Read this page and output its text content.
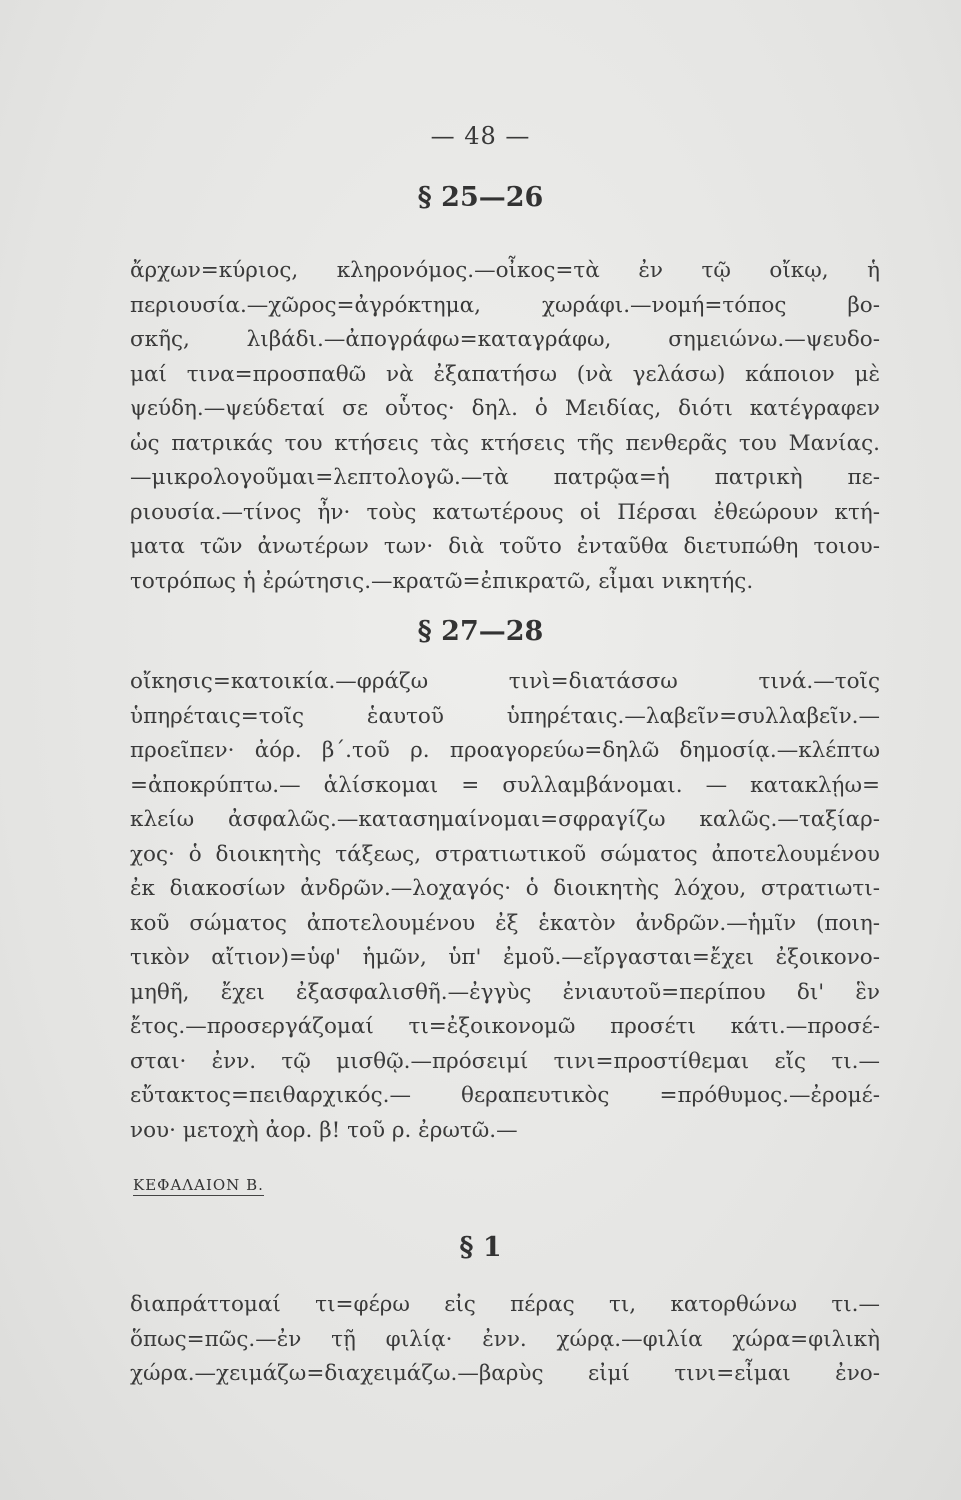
— 48 —
§ 25—26
ἄρχων=κύριος, κληρονόμος.—οἶκος=τὰ ἐν τῷ οἴκῳ, ἡ
περιουσία.—χῶρος=ἀγρόκτημα, χωράφι.—νομή=τόπος βο-
σκῆς, λιβάδι.—ἀπογράφω=καταγράφω, σημειώνω.—ψευδο-
μαί τινα=προσπαθῶ νὰ ἐξαπατήσω (νὰ γελάσω) κάποιον μὲ
ψεύδη.—ψεύδεταί σε οὗτος· δηλ. ὁ Μειδίας, διότι κατέγραφεν
ὡς πατρικάς του κτήσεις τὰς κτήσεις τῆς πενθερᾶς του Μανίας.
—μικρολογοῦμαι=λεπτολογῶ.—τὰ πατρῷα=ἡ πατρικὴ πε-
ριουσία.—τίνος ἦν· τοὺς κατωτέρους οἱ Πέρσαι ἐθεώρουν κτή-
ματα τῶν ἀνωτέρων των· διὰ τοῦτο ἐνταῦθα διετυπώθη τοιου-
τοτρόπως ἡ ἐρώτησις.—κρατῶ=ἐπικρατῶ, εἶμαι νικητής.
§ 27—28
οἴκησις=κατοικία.—φράζω τινὶ=διατάσσω τινά.—τοῖς
ὑπηρέταις=τοῖς ἑαυτοῦ ὑπηρέταις.—λαβεῖν=συλλαβεῖν.—
προεῖπεν· ἀόρ. β΄.τοῦ ρ. προαγορεύω=δηλῶ δημοσίᾳ.—κλέπτω
=ἀποκρύπτω.— ἁλίσκομαι = συλλαμβάνομαι. — κατακλῄω=
κλείω ἀσφαλῶς.—κατασημαίνομαι=σφραγίζω καλῶς.—ταξίαρ-
χος· ὁ διοικητὴς τάξεως, στρατιωτικοῦ σώματος ἀποτελουμένου
ἐκ διακοσίων ἀνδρῶν.—λοχαγός· ὁ διοικητὴς λόχου, στρατιωτι-
κοῦ σώματος ἀποτελουμένου ἐξ ἑκατὸν ἀνδρῶν.—ἡμῖν (ποιη-
τικὸν αἴτιον)=ὑφ' ἡμῶν, ὑπ' ἐμοῦ.—εἴργασται=ἔχει ἐξοικονο-
μηθῆ, ἔχει ἐξασφαλισθῆ.—ἐγγὺς ἐνιαυτοῦ=περίπου δι' ἓν
ἔτος.—προσεργάζομαί τι=ἐξοικονομῶ προσέτι κάτι.—προσέ-
σται· ἐνν. τῷ μισθῷ.—πρόσειμί τινι=προστίθεμαι εἴς τι.—
εὔτακτος=πειθαρχικός.— θεραπευτικὸς =πρόθυμος.—ἐρομέ-
νου· μετοχὴ ἀορ. β! τοῦ ρ. ἐρωτῶ.—
ΚΕΦΑΛΑΙΟΝ Β.
§ 1
διαπράττομαί τι=φέρω εἰς πέρας τι, κατορθώνω τι.—
ὅπως=πῶς.—ἐν τῇ φιλίᾳ· ἐνν. χώρᾳ.—φιλία χώρα=φιλικὴ
χώρα.—χειμάζω=διαχειμάζω.—βαρὺς εἰμί τινι=εἶμαι ἐνο-
